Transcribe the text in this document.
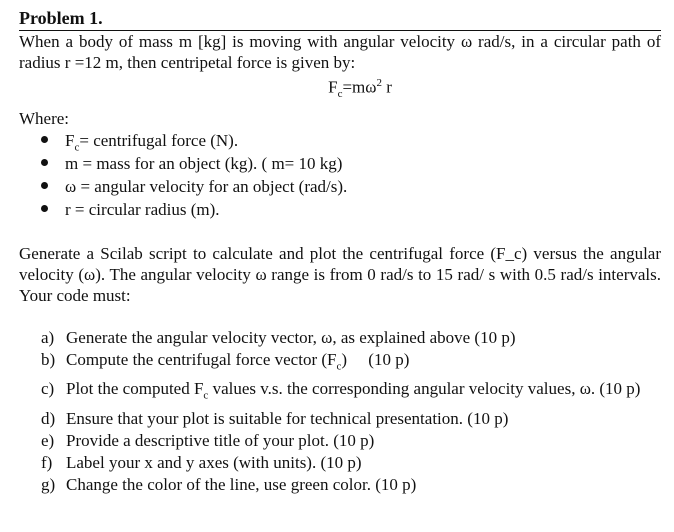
Problem 1.
When a body of mass m [kg] is moving with angular velocity ω rad/s, in a circular path of radius r =12 m, then centripetal force is given by:
$F_c=m\omega^2$ r
Where:
$F_c=$ centrifugal force (N).
m = mass for an object (kg). ( m= 10 kg)
ω = angular velocity for an object (rad/s).
r = circular radius (m).
Generate a Scilab script to calculate and plot the centrifugal force (F_c) versus the angular velocity (ω). The angular velocity ω range is from 0 rad/s to 15 rad/ s with 0.5 rad/s intervals. Your code must:
a) Generate the angular velocity vector, ω, as explained above (10 p)
b) Compute the centrifugal force vector $(F_c)$     (10 p)
c) Plot the computed $F_c$ values v.s. the corresponding angular velocity values, ω. (10 p)
d) Ensure that your plot is suitable for technical presentation. (10 p)
e) Provide a descriptive title of your plot. (10 p)
f) Label your x and y axes (with units). (10 p)
g) Change the color of the line, use green color. (10 p)
